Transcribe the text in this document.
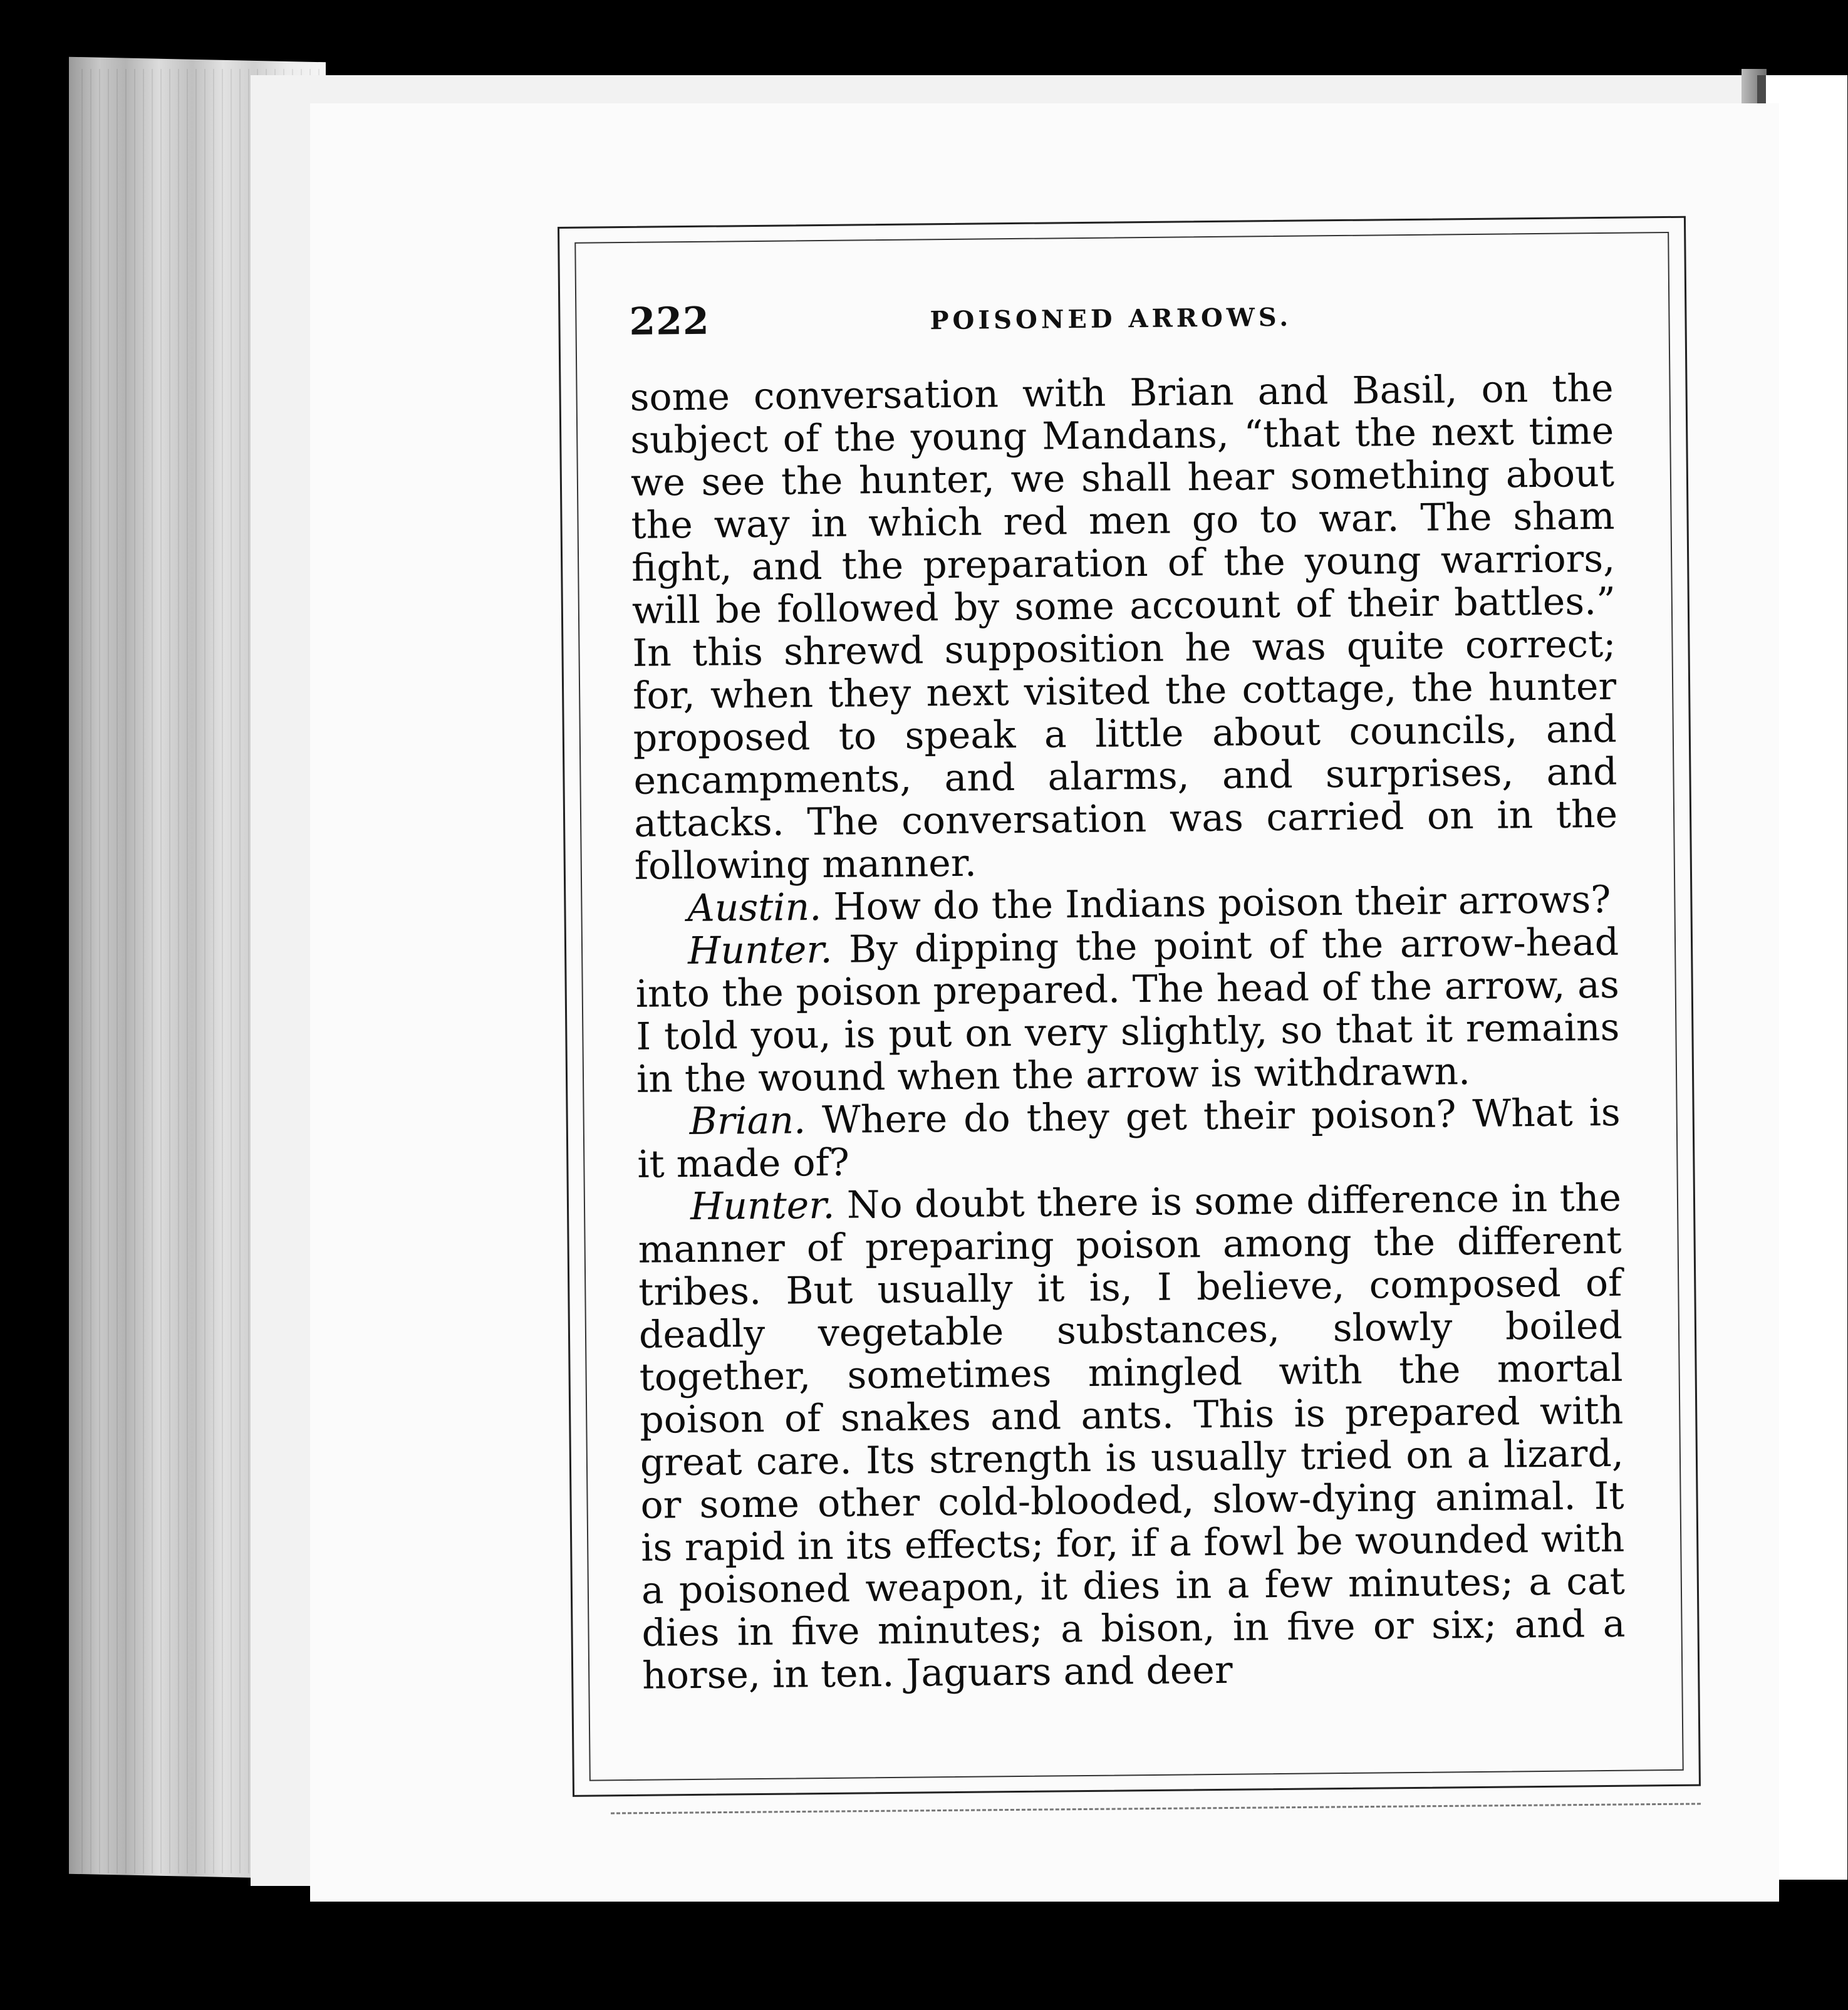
222	POISONED ARROWS.

some conversation with Brian and Basil, on the subject of the young Mandans, “that the next time we see the hunter, we shall hear something about the way in which red men go to war. The sham fight, and the preparation of the young warriors, will be followed by some account of their battles.” In this shrewd supposition he was quite correct; for, when they next visited the cottage, the hunter proposed to speak a little about councils, and encampments, and alarms, and surprises, and attacks. The conversation was carried on in the following manner.

Austin. How do the Indians poison their arrows?

Hunter. By dipping the point of the arrow-head into the poison prepared. The head of the arrow, as I told you, is put on very slightly, so that it remains in the wound when the arrow is withdrawn.

Brian. Where do they get their poison? What is it made of?

Hunter. No doubt there is some difference in the manner of preparing poison among the different tribes. But usually it is, I believe, composed of deadly vegetable substances, slowly boiled together, sometimes mingled with the mortal poison of snakes and ants. This is prepared with great care. Its strength is usually tried on a lizard, or some other cold-blooded, slow-dying animal. It is rapid in its effects; for, if a fowl be wounded with a poisoned weapon, it dies in a few minutes; a cat dies in five minutes; a bison, in five or six; and a horse, in ten. Jaguars and deer
